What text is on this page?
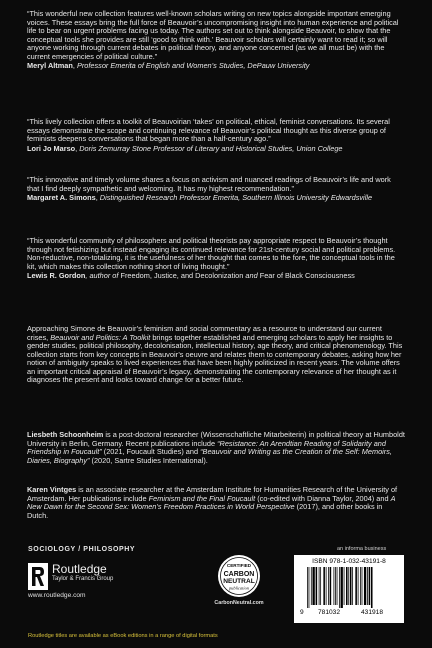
“This wonderful new collection features well-known scholars writing on new topics alongside important emerging voices. These essays bring the full force of Beauvoir’s uncompromising insight into human experience and political life to bear on urgent problems facing us today. The authors set out to think alongside Beauvoir, to show that the conceptual tools she provides are still ‘good to think with.’ Beauvoir scholars will certainly want to read it; so will anyone working through current debates in political theory, and anyone concerned (as we all must be) with the current emergencies of political culture.”

Meryl Altman, Professor Emerita of English and Women’s Studies, DePauw University

“This lively collection offers a toolkit of Beauvoirian ‘takes’ on political, ethical, feminist conversations. Its several essays demonstrate the scope and continuing relevance of Beauvoir’s political thought as this diverse group of feminists deepens conversations that began more than a half-century ago.”

Lori Jo Marso, Doris Zemurray Stone Professor of Literary and Historical Studies, Union College

“This innovative and timely volume shares a focus on activism and nuanced readings of Beauvoir’s life and work that I find deeply sympathetic and welcoming. It has my highest recommendation.”

Margaret A. Simons, Distinguished Research Professor Emerita, Southern Illinois University Edwardsville

“This wonderful community of philosophers and political theorists pay appropriate respect to Beauvoir’s thought through not fetishizing but instead engaging its continued relevance for 21st-century social and political problems. Non-reductive, non-totalizing, it is the usefulness of her thought that comes to the fore, the conceptual tools in the kit, which makes this collection nothing short of living thought.”

Lewis R. Gordon, author of Freedom, Justice, and Decolonization and Fear of Black Consciousness

Approaching Simone de Beauvoir’s feminism and social commentary as a resource to understand our current crises, Beauvoir and Politics: A Toolkit brings together established and emerging scholars to apply her insights to gender studies, political philosophy, decolonisation, intellectual history, age theory, and critical phenomenology. This collection starts from key concepts in Beauvoir’s oeuvre and relates them to contemporary debates, asking how her notion of ambiguity speaks to lived experiences that have been highly politicized in recent years. The volume offers an important critical appraisal of Beauvoir’s legacy, demonstrating the contemporary relevance of her thought as it diagnoses the present and looks toward change for a better future.

Liesbeth Schoonheim is a post-doctoral researcher (Wissenschaftliche Mitarbeiterin) in political theory at Humboldt University in Berlin, Germany. Recent publications include “Resistance: An Arendtian Reading of Solidarity and Friendship in Foucault” (2021, Foucault Studies) and “Beauvoir and Writing as the Creation of the Self: Memoirs, Diaries, Biography” (2020, Sartre Studies International).

Karen Vintges is an associate researcher at the Amsterdam Institute for Humanities Research of the University of Amsterdam. Her publications include Feminism and the Final Foucault (co-edited with Dianna Taylor, 2004) and A New Dawn for the Second Sex: Women’s Freedom Practices in World Perspective (2017), and other books in Dutch.

SOCIOLOGY / PHILOSOPHY
Routledge
Taylor & Francis Group
www.routledge.com
CERTIFIED
CARBON
NEUTRAL
publication
CarbonNeutral.com
an informa business
ISBN 978-1-032-43191-8
9 781032	431918
Routledge titles are available as eBook editions in a range of digital formats
